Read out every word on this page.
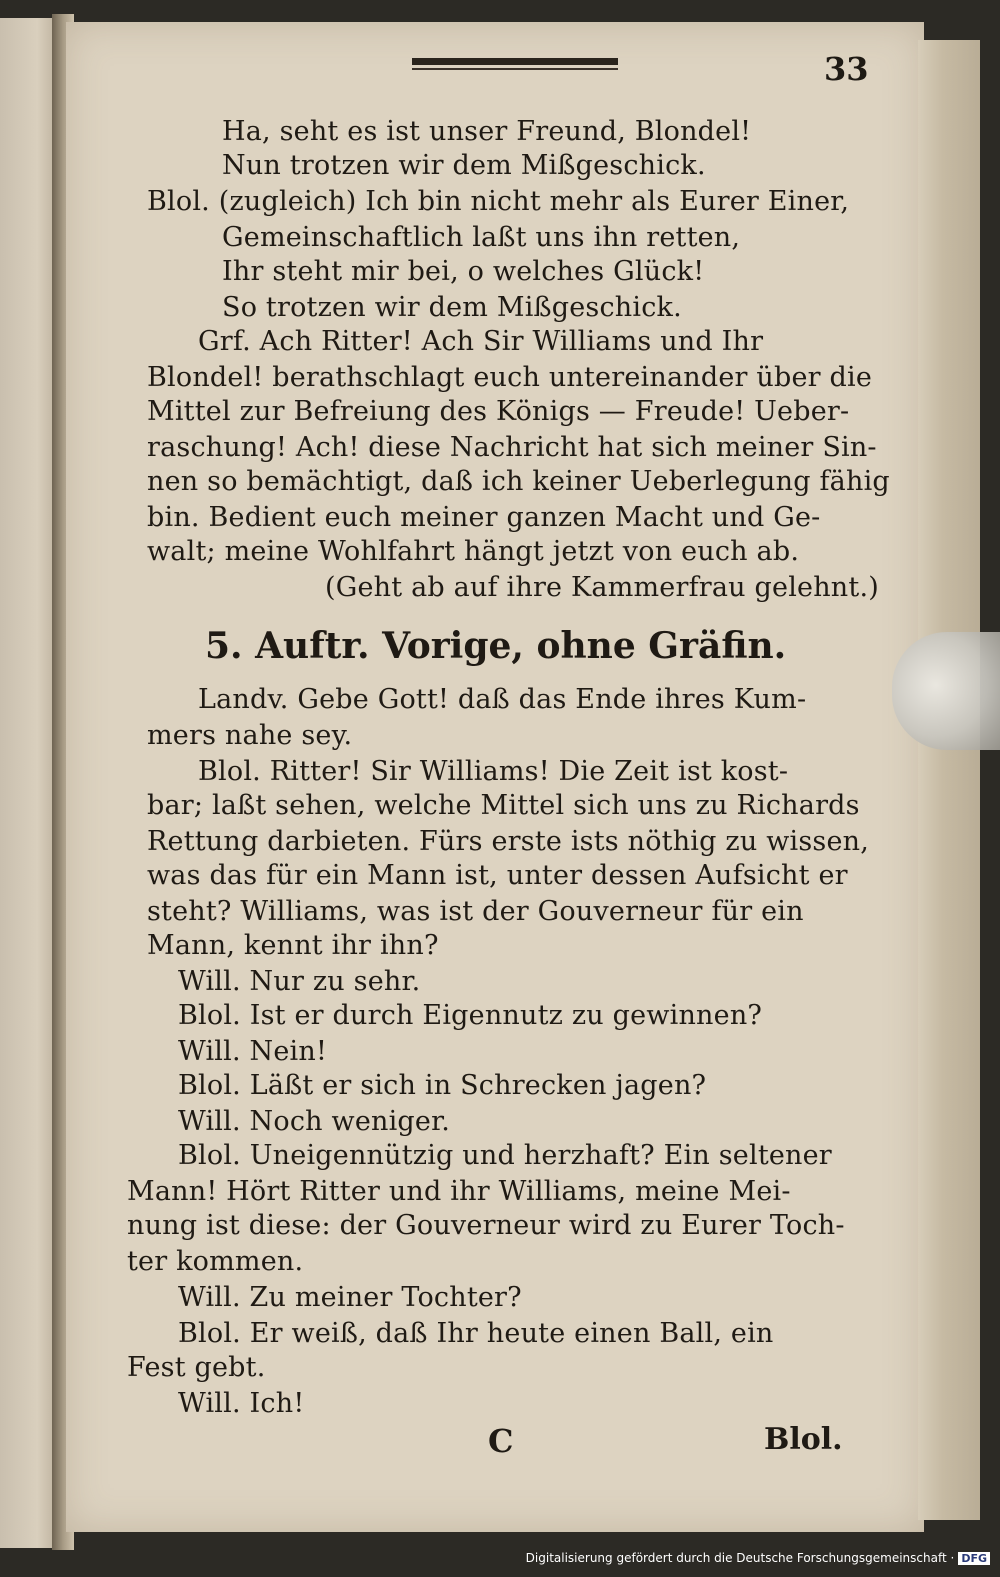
33
Ha, seht es ist unser Freund, Blondel!
Nun trotzen wir dem Mißgeschick.
Blol. (zugleich) Ich bin nicht mehr als Eurer Einer,
Gemeinschaftlich laßt uns ihn retten,
Ihr steht mir bei, o welches Glück!
So trotzen wir dem Mißgeschick.
Grf. Ach Ritter! Ach Sir Williams und Ihr
Blondel! berathschlagt euch untereinander über die
Mittel zur Befreiung des Königs — Freude! Ueber-
raschung! Ach! diese Nachricht hat sich meiner Sin-
nen so bemächtigt, daß ich keiner Ueberlegung fähig
bin. Bedient euch meiner ganzen Macht und Ge-
walt; meine Wohlfahrt hängt jetzt von euch ab.
(Geht ab auf ihre Kammerfrau gelehnt.)
5. Auftr. Vorige, ohne Gräfin.
Landv. Gebe Gott! daß das Ende ihres Kum-
mers nahe sey.
Blol. Ritter! Sir Williams! Die Zeit ist kost-
bar; laßt sehen, welche Mittel sich uns zu Richards
Rettung darbieten. Fürs erste ists nöthig zu wissen,
was das für ein Mann ist, unter dessen Aufsicht er
steht? Williams, was ist der Gouverneur für ein
Mann, kennt ihr ihn?
Will. Nur zu sehr.
Blol. Ist er durch Eigennutz zu gewinnen?
Will. Nein!
Blol. Läßt er sich in Schrecken jagen?
Will. Noch weniger.
Blol. Uneigennützig und herzhaft? Ein seltener
Mann! Hört Ritter und ihr Williams, meine Mei-
nung ist diese: der Gouverneur wird zu Eurer Toch-
ter kommen.
Will. Zu meiner Tochter?
Blol. Er weiß, daß Ihr heute einen Ball, ein
Fest gebt.
Will. Ich!
C	Blol.
Digitalisierung gefördert durch die Deutsche Forschungsgemeinschaft · DFG
